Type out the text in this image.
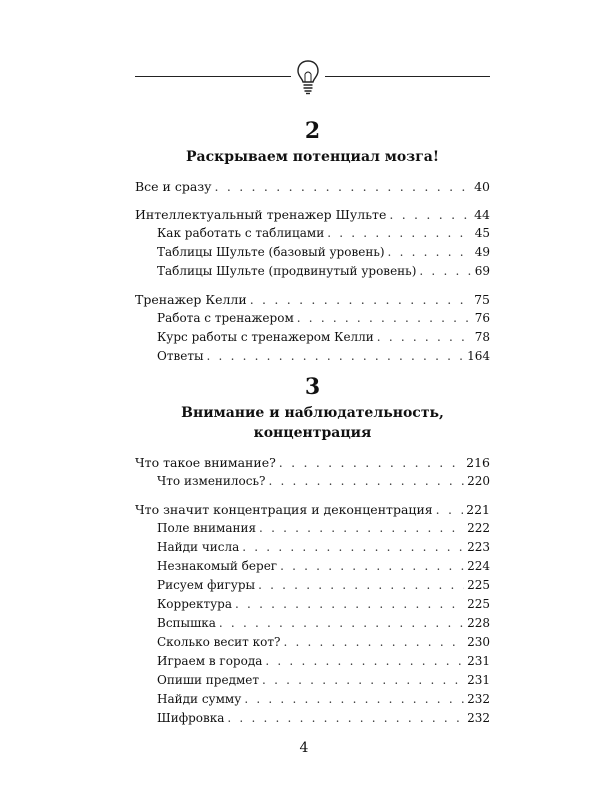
2
Раскрываем потенциал мозга!
Все и сразу . . .	40
Интеллектуальный тренажер Шульте . . .	44
Как работать с таблицами . . .	45
Таблицы Шульте (базовый уровень) . . .	49
Таблицы Шульте (продвинутый уровень) . . .	69
Тренажер Келли . . .	75
Работа с тренажером . . .	76
Курс работы с тренажером Келли . . .	78
Ответы . . .	164
3
Внимание и наблюдательность,
концентрация
Что такое внимание? . . .	216
Что изменилось? . . .	220
Что значит концентрация и деконцентрация . . .	221
Поле внимания . . .	222
Найди числа . . .	223
Незнакомый берег . . .	224
Рисуем фигуры . . .	225
Корректура . . .	225
Вспышка . . .	228
Сколько весит кот? . . .	230
Играем в города . . .	231
Опиши предмет . . .	231
Найди сумму . . .	232
Шифровка . . .	232
4
